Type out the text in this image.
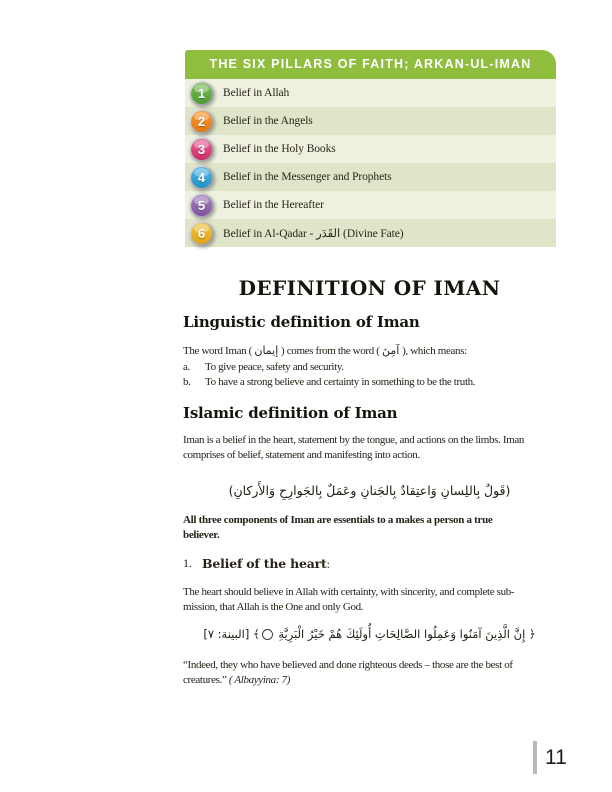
THE SIX PILLARS OF FAITH; ARKAN-UL-IMAN
1 Belief in Allah
2 Belief in the Angels
3 Belief in the Holy Books
4 Belief in the Messenger and Prophets
5 Belief in the Hereafter
6 Belief in Al-Qadar - القَدَر (Divine Fate)
DEFINITION OF IMAN
Linguistic definition of Iman
The word Iman ( إيمان ) comes from the word ( آمِنَ ), which means:
a.	To give peace, safety and security.
b.	To have a strong believe and certainty in something to be the truth.
Islamic definition of Iman
Iman is a belief in the heart, statement by the tongue, and actions on the limbs. Iman comprises of belief, statement and manifesting into action.
(قَولٌ بِاللِسانِ وَاعتِقادٌ بِالجَنانِ وعَمَلٌ بِالجَوارِحِ وَالأَركانِ)
All three components of Iman are essentials to a makes a person a true believer.
1. Belief of the heart:
The heart should believe in Allah with certainty, with sincerity, and complete sub-mission, that Allah is the One and only God.
﴿ إِنَّ الَّذِينَ آمَنُوا وَعَمِلُوا الصَّالِحَاتِ أُولَئِكَ هُمْ خَيْرُ الْبَرِيَّةِ ﴾ [البينة: ٧]
“Indeed, they who have believed and done righteous deeds – those are the best of creatures.” ( Albayyina: 7)
11
